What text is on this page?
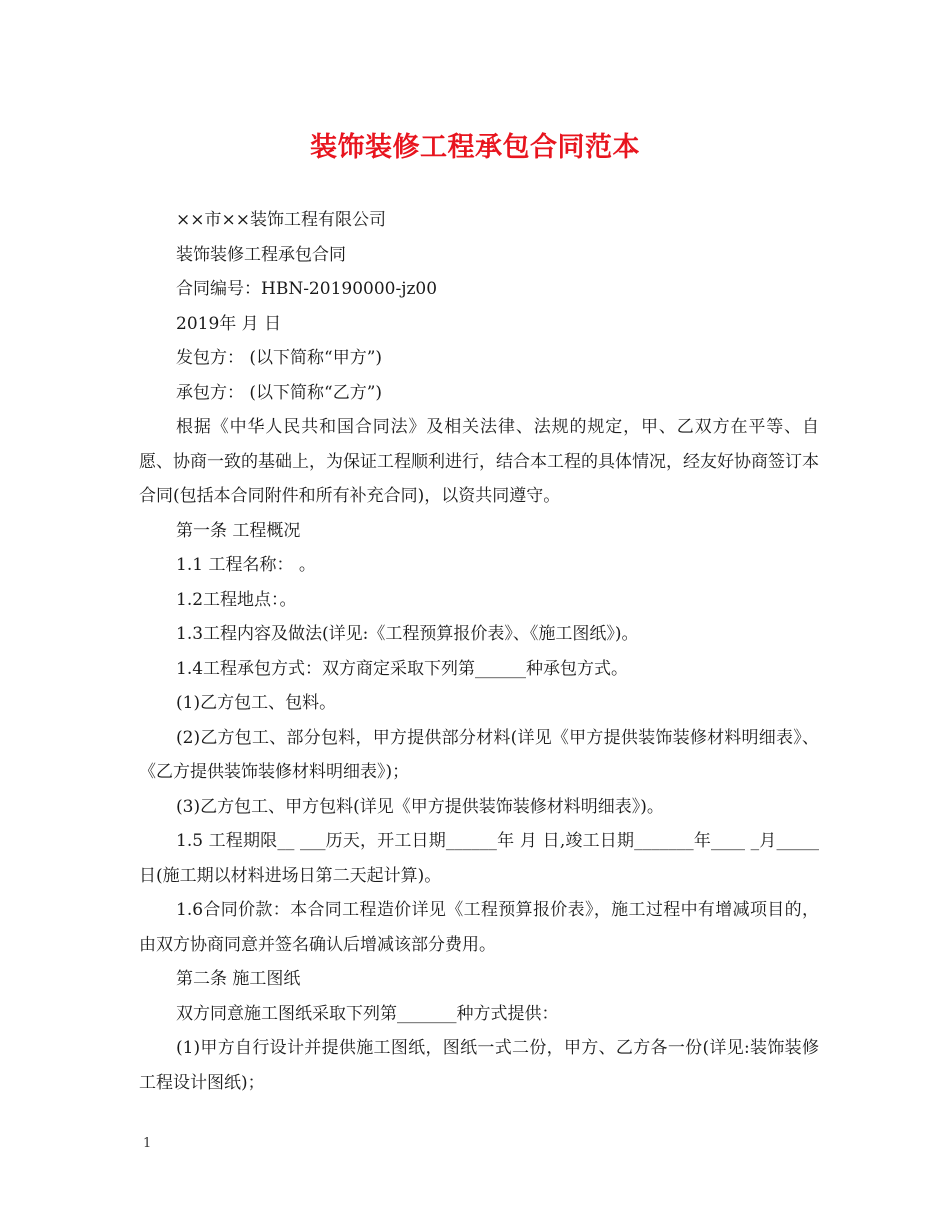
装饰装修工程承包合同范本

××市××装饰工程有限公司

装饰装修工程承包合同

合同编号：HBN-20190000-jz00

2019年 月 日

发包方： (以下简称“甲方”)

承包方： (以下简称“乙方”)

根据《中华人民共和国合同法》及相关法律、法规的规定，甲、乙双方在平等、自愿、协商一致的基础上，为保证工程顺利进行，结合本工程的具体情况，经友好协商签订本合同(包括本合同附件和所有补充合同)，以资共同遵守。

第一条 工程概况

1.1 工程名称： 。

1.2工程地点：。

1.3工程内容及做法(详见:《工程预算报价表》、《施工图纸》)。

1.4工程承包方式：双方商定采取下列第______种承包方式。

(1)乙方包工、包料。

(2)乙方包工、部分包料，甲方提供部分材料(详见《甲方提供装饰装修材料明细表》、《乙方提供装饰装修材料明细表》)；

(3)乙方包工、甲方包料(详见《甲方提供装饰装修材料明细表》)。

1.5 工程期限__ ___历天，开工日期______年 月 日,竣工日期_______年____ _月_____日(施工期以材料进场日第二天起计算)。

1.6合同价款：本合同工程造价详见《工程预算报价表》，施工过程中有增减项目的，由双方协商同意并签名确认后增减该部分费用。

第二条 施工图纸

双方同意施工图纸采取下列第_______种方式提供：

(1)甲方自行设计并提供施工图纸，图纸一式二份，甲方、乙方各一份(详见:装饰装修工程设计图纸)；

1
